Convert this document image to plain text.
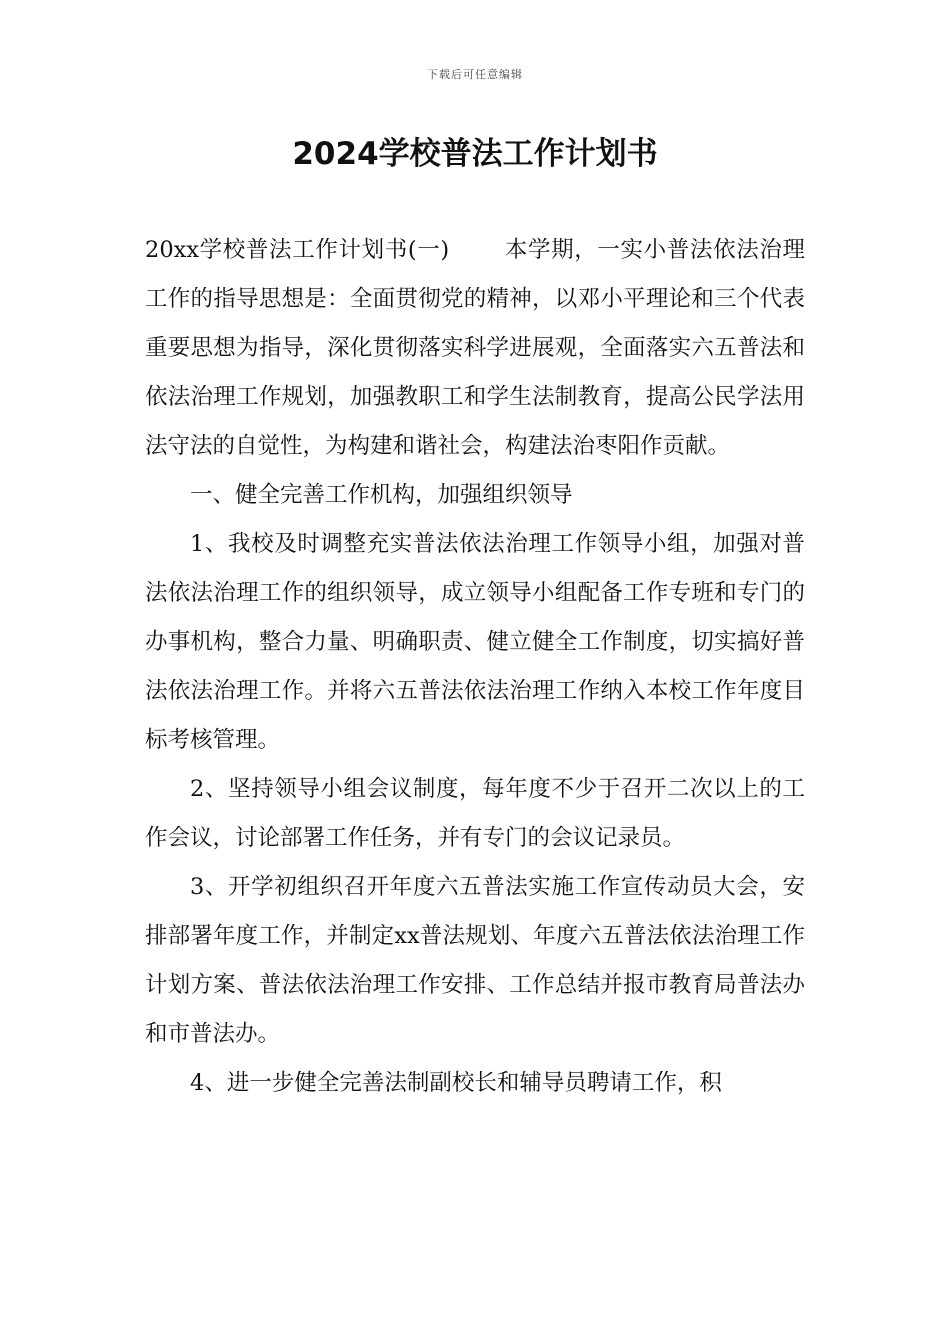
下载后可任意编辑
2024学校普法工作计划书

20xx学校普法工作计划书(一) 本学期，一实小普法依法治理工作的指导思想是：全面贯彻党的精神，以邓小平理论和三个代表重要思想为指导，深化贯彻落实科学进展观，全面落实六五普法和依法治理工作规划，加强教职工和学生法制教育，提高公民学法用法守法的自觉性，为构建和谐社会，构建法治枣阳作贡献。

一、健全完善工作机构，加强组织领导

1、我校及时调整充实普法依法治理工作领导小组，加强对普法依法治理工作的组织领导，成立领导小组配备工作专班和专门的办事机构，整合力量、明确职责、健立健全工作制度，切实搞好普法依法治理工作。并将六五普法依法治理工作纳入本校工作年度目标考核管理。

2、坚持领导小组会议制度，每年度不少于召开二次以上的工作会议，讨论部署工作任务，并有专门的会议记录员。

3、开学初组织召开年度六五普法实施工作宣传动员大会，安排部署年度工作，并制定xx普法规划、年度六五普法依法治理工作计划方案、普法依法治理工作安排、工作总结并报市教育局普法办和市普法办。

4、进一步健全完善法制副校长和辅导员聘请工作，积
